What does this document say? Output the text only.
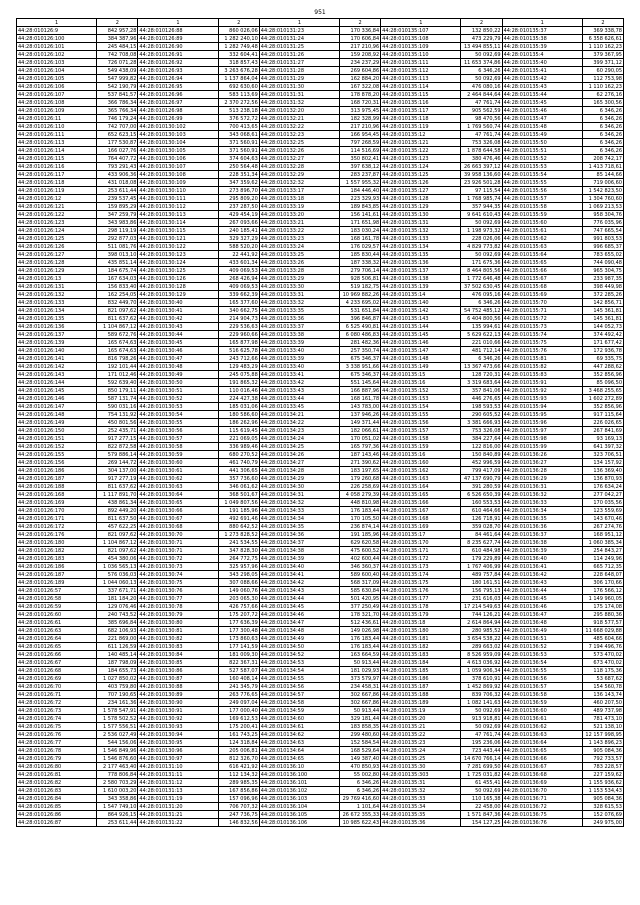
951
1	2	1	2	1	2	1	2	1	2
44:28:010126:9	842 957,28	44:28:010126:88	860 026,06	44:28:010131:23	170 336,84	44:28:010135:107	132 850,22	44:28:010135:37	369 338,78
44:28:010126:100	384 387,96	44:28:010126:89	1 282 240,10	44:28:010131:24	170 606,84	44:28:010135:108	473 229,79	44:28:010135:38	6 358 626,61
44:28:010126:101	245 484,15	44:28:010126:90	1 282 749,48	44:28:010131:25	217 210,96	44:28:010135:109	13 494 855,11	44:28:010135:39	1 110 162,23
44:28:010126:102	742 708,08	44:28:010126:91	332 604,41	44:28:010131:26	159 208,92	44:28:010135:110	50 092,69	44:28:010135:4	379 367,95
44:28:010126:103	726 071,28	44:28:010126:92	318 857,43	44:28:010131:27	234 237,29	44:28:010135:111	11 653 374,86	44:28:010135:40	399 371,12
44:28:010126:104	549 438,09	44:28:010126:93	3 263 676,28	44:28:010131:28	269 604,86	44:28:010135:112	6 346,26	44:28:010135:41	60 290,05
44:28:010126:105	547 999,82	44:28:010126:94	1 137 864,04	44:28:010131:29	162 884,20	44:28:010135:113	50 092,69	44:28:010135:42	112 753,98
44:28:010126:106	542 190,79	44:28:010126:95	692 630,60	44:28:010131:30	167 322,08	44:28:010135:114	476 080,16	44:28:010135:43	1 110 162,23
44:28:010126:107	537 841,57	44:28:010126:96	583 113,69	44:28:010131:31	178 878,20	44:28:010135:115	2 464 844,64	44:28:010135:44	62 276,16
44:28:010126:108	366 786,34	44:28:010126:97	2 370 272,56	44:28:010131:32	168 720,31	44:28:010135:116	47 761,74	44:28:010135:45	165 300,56
44:28:010126:109	365 766,34	44:28:010126:98	513 238,18	44:28:010132:20	313 975,45	44:28:010135:117	905 562,59	44:28:010135:46	6 346,26
44:28:010126:11	746 179,24	44:28:010126:99	376 572,72	44:28:010132:21	182 328,99	44:28:010135:118	98 470,56	44:28:010135:47	6 346,26
44:28:010126:110	742 707,00	44:28:010130:102	700 413,65	44:28:010132:22	217 210,96	44:28:010135:119	1 769 560,74	44:28:010135:48	6 346,26
44:28:010126:111	652 623,15	44:28:010130:103	343 068,61	44:28:010132:23	166 954,45	44:28:010135:12	47 761,74	44:28:010135:49	6 346,26
44:28:010126:113	177 530,87	44:28:010130:104	371 560,91	44:28:010132:25	797 268,59	44:28:010135:121	753 326,08	44:28:010135:50	6 346,26
44:28:010126:114	166 027,76	44:28:010130:105	371 560,91	44:28:010132:26	114 516,69	44:28:010135:122	1 878 644,58	44:28:010135:51	6 346,26
44:28:010126:115	764 407,72	44:28:010130:106	374 604,63	44:28:010132:27	350 802,41	44:28:010135:123	380 476,46	44:28:010135:52	208 742,17
44:28:010126:116	793 291,43	44:28:010130:107	250 564,48	44:28:010132:28	397 638,12	44:28:010135:124	26 663 397,12	44:28:010135:53	1 413 718,61
44:28:010126:117	433 906,36	44:28:010130:108	228 351,34	44:28:010132:29	283 237,87	44:28:010135:125	39 958 136,60	44:28:010135:54	85 144,66
44:28:010126:118	431 018,08	44:28:010130:109	347 359,62	44:28:010132:32	1 557 955,32	44:28:010135:126	23 926 501,28	44:28:010135:55	719 006,60
44:28:010126:119	253 611,44	44:28:010130:110	273 896,70	44:28:010133:17	184 446,40	44:28:010135:127	97 115,54	44:28:010135:56	1 542 823,50
44:28:010126:12	239 537,45	44:28:010130:111	295 809,20	44:28:010133:18	223 329,93	44:28:010135:128	1 768 985,74	44:28:010135:57	1 304 760,60
44:28:010126:121	159 895,29	44:28:010130:112	237 287,50	44:28:010133:19	189 843,85	44:28:010135:129	357 944,35	44:28:010135:58	1 069 213,53
44:28:010126:122	347 259,79	44:28:010130:113	429 454,19	44:28:010133:20	156 141,61	44:28:010135:130	9 641 610,43	44:28:010135:59	958 304,76
44:28:010126:123	343 983,86	44:28:010130:114	267 093,66	44:28:010133:21	171 651,98	44:28:010135:131	50 092,69	44:28:010135:60	776 035,96
44:28:010126:124	298 119,19	44:28:010130:115	240 185,41	44:28:010133:22	183 030,24	44:28:010135:132	1 198 973,32	44:28:010135:61	747 665,54
44:28:010126:125	292 877,03	44:28:010130:121	329 327,29	44:28:010133:23	168 161,78	44:28:010135:133	228 026,06	44:28:010135:62	991 803,53
44:28:010126:126	511 081,76	44:28:010130:122	588 520,20	44:28:010133:24	176 029,57	44:28:010135:134	4 829 773,82	44:28:010135:63	996 685,37
44:28:010126:127	398 013,10	44:28:010130:123	22 441,92	44:28:010133:25	185 830,44	44:28:010135:135	50 092,69	44:28:010135:64	783 655,02
44:28:010126:128	435 851,14	44:28:010130:124	433 601,34	44:28:010133:26	187 338,32	44:28:010135:136	171 675,36	44:28:010135:65	744 090,48
44:28:010126:129	184 675,74	44:28:010130:125	409 069,53	44:28:010133:28	279 706,14	44:28:010135:137	8 464 805,56	44:28:010135:66	965 304,75
44:28:010126:13	167 634,03	44:28:010130:126	268 426,94	44:28:010133:29	928 506,81	44:28:010135:138	1 772 646,48	44:28:010135:67	233 987,35
44:28:010126:131	156 833,40	44:28:010130:128	409 069,53	44:28:010133:30	519 182,75	44:28:010135:139	37 502 630,45	44:28:010135:68	398 449,98
44:28:010126:132	162 254,05	44:28:010130:129	339 662,39	44:28:010133:31	10 969 882,26	44:28:010135:14	476 095,16	44:28:010135:69	372 285,26
44:28:010126:133	832 449,70	44:28:010130:40	165 377,60	44:28:010133:32	4 233 695,02	44:28:010135:140	6 346,26	44:28:010135:70	142 856,71
44:28:010126:134	821 097,62	44:28:010130:41	340 662,75	44:28:010133:35	531 651,84	44:28:010135:142	54 752 485,12	44:28:010135:71	145 361,81
44:28:010126:135	811 637,62	44:28:010130:42	214 904,73	44:28:010133:36	396 846,87	44:28:010135:143	6 404 800,56	44:28:010135:72	145 361,81
44:28:010126:136	1 104 867,12	44:28:010130:43	229 536,63	44:28:010133:37	6 525 490,81	44:28:010135:144	135 994,61	44:28:010135:73	144 052,73
44:28:010126:137	589 672,76	44:28:010130:44	229 960,66	44:28:010133:38	6 080 486,83	44:28:010135:145	5 629 622,13	44:28:010135:74	374 492,42
44:28:010126:139	165 674,63	44:28:010130:45	165 877,98	44:28:010133:39	281 482,36	44:28:010135:146	221 010,66	44:28:010135:75	171 677,42
44:28:010126:140	165 674,63	44:28:010130:46	516 625,78	44:28:010133:40	257 350,74	44:28:010135:147	481 712,14	44:28:010135:76	172 936,78
44:28:010126:141	816 798,26	44:28:010130:47	243 712,66	44:28:010133:39	675 346,37	44:28:010135:148	6 346,26	44:28:010135:81	69 335,75
44:28:010126:142	192 101,44	44:28:010130:48	129 483,29	44:28:010133:40	3 338 951,66	44:28:010135:149	13 367 473,66	44:28:010135:82	447 288,62
44:28:010126:143	171 012,46	44:28:010130:49	245 075,88	44:28:010133:41	675 346,37	44:28:010135:15	128 720,31	44:28:010135:83	352 856,96
44:28:010126:144	592 639,40	44:28:010130:50	191 865,32	44:28:010133:42	551 145,64	44:28:010135:16	3 319 683,64	44:28:010135:91	85 096,50
44:28:010126:145	850 179,11	44:28:010130:51	110 016,46	44:28:010133:43	166 887,96	44:28:010135:152	357 841,06	44:28:010135:92	3 468 255,65
44:28:010126:146	587 131,74	44:28:010130:52	224 427,38	44:28:010133:44	168 161,78	44:28:010135:153	446 276,65	44:28:010135:93	1 602 272,89
44:28:010126:147	590 031,16	44:28:010130:53	185 031,06	44:28:010133:45	143 783,00	44:28:010135:154	198 593,53	44:28:010135:94	352 856,96
44:28:010126:148	754 131,92	44:28:010130:54	180 586,60	44:28:010134:21	137 946,26	44:28:010135:155	290 605,52	44:28:010135:95	917 115,64
44:28:010126:149	450 801,56	44:28:010130:55	186 262,96	44:28:010134:22	149 371,44	44:28:010135:156	3 381 666,93	44:28:010135:96	226 026,65
44:28:010126:150	252 435,71	44:28:010130:56	115 619,45	44:28:010134:23	182 066,61	44:28:010135:157	753 326,08	44:28:010135:97	267 841,69
44:28:010126:151	917 277,15	44:28:010130:57	221 069,05	44:28:010134:24	170 051,02	44:28:010135:158	384 227,64	44:28:010135:98	93 169,13
44:28:010126:152	822 872,58	44:28:010130:58	336 989,46	44:28:010134:25	165 797,36	44:28:010135:159	122 816,00	44:28:010135:99	641 397,32
44:28:010126:155	579 886,14	44:28:010130:59	680 270,52	44:28:010134:26	187 143,46	44:28:010135:16	150 840,89	44:28:010136:26	323 706,51
44:28:010126:156	269 144,72	44:28:010130:60	461 740,79	44:28:010134:27	271 390,62	44:28:010135:160	452 996,59	44:28:010136:27	134 157,92
44:28:010126:186	304 137,00	44:28:010130:61	441 306,65	44:28:010134:28	183 197,65	44:28:010135:162	799 417,09	44:28:010136:28	136 369,40
44:28:010126:187	917 277,19	44:28:010130:62	357 736,60	44:28:010134:29	179 260,68	44:28:010135:163	47 137 690,79	44:28:010136:29	136 870,93
44:28:010126:188	811 637,62	44:28:010130:63	346 061,62	44:28:010134:30	226 258,69	44:28:010135:164	391 280,59	44:28:010136:31	176 634,24
44:28:010126:168	1 117 891,70	44:28:010130:64	368 501,67	44:28:010134:31	4 058 279,39	44:28:010135:165	6 526 650,39	44:28:010136:32	277 042,27
44:28:010126:169	438 861,34	44:28:010130:65	1 049 807,56	44:28:010134:32	448 810,98	44:28:010135:166	160 553,53	44:28:010136:33	170 035,56
44:28:010126:170	892 449,20	44:28:010130:66	191 185,96	44:28:010134:33	176 183,44	44:28:010135:167	610 464,66	44:28:010136:34	123 559,69
44:28:010126:171	811 637,50	44:28:010130:67	492 691,46	44:28:010134:34	170 105,50	44:28:010135:168	126 718,91	44:28:010136:35	143 670,46
44:28:010126:172	457 622,25	44:28:010130:68	880 642,52	44:28:010134:35	236 874,14	44:28:010135:169	359 028,70	44:28:010136:36	267 274,76
44:28:010126:176	821 097,62	44:28:010130:70	1 273 828,52	44:28:010134:36	191 185,96	44:28:010135:17	84 461,64	44:28:010136:37	168 951,12
44:28:010126:180	1 104 867,12	44:28:010130:71	241 534,55	44:28:010134:37	629 620,58	44:28:010135:170	8 235 627,74	44:28:010136:38	1 060 385,34
44:28:010126:182	821 097,62	44:28:010130:71	347 828,30	44:28:010134:38	475 600,52	44:28:010135:171	610 484,98	44:28:010136:39	254 843,27
44:28:010126:183	454 380,06	44:28:010130:72	264 772,75	44:28:010134:39	402 600,44	44:28:010135:172	179 229,89	44:28:010136:40	114 249,96
44:28:010126:186	1 036 565,13	44:28:010130:73	325 957,96	44:28:010134:40	346 360,37	44:28:010135:173	1 767 406,99	44:28:010136:41	665 712,35
44:28:010126:187	576 036,03	44:28:010130:74	343 298,05	44:28:010134:41	589 600,40	44:28:010135:174	489 757,84	44:28:010136:42	228 648,07
44:28:010126:189	1 044 060,13	44:28:010130:75	307 088,66	44:28:010134:42	568 317,09	44:28:010135:175	180 161,51	44:28:010136:43	306 170,66
44:28:010126:57	337 671,71	44:28:010130:76	149 060,76	44:28:010134:43	585 630,84	44:28:010135:176	156 795,13	44:28:010136:44	176 566,12
44:28:010126:58	181 184,20	44:28:010130:77	203 065,30	44:28:010134:44	501 420,95	44:28:010135:177	231 616,03	44:28:010136:45	1 149 960,05
44:28:010126:59	129 076,46	44:28:010130:78	426 757,66	44:28:010134:45	377 250,49	44:28:010135:178	17 214 549,63	44:28:010136:46	175 174,08
44:28:010126:60	240 743,52	44:28:010130:79	175 207,72	44:28:010134:46	178 321,70	44:28:010135:179	744 126,21	44:28:010136:47	295 880,36
44:28:010126:61	385 696,84	44:28:010130:80	177 636,39	44:28:010134:47	512 436,61	44:28:010135:18	2 614 864,94	44:28:010136:48	918 577,57
44:28:010126:63	682 106,93	44:28:010130:81	177 300,48	44:28:010134:48	149 026,98	44:28:010135:180	280 985,52	44:28:010136:49	11 668 029,88
44:28:010126:64	221 869,00	44:28:010130:82	173 860,63	44:28:010134:49	176 183,44	44:28:010135:181	3 654 538,22	44:28:010136:51	485 604,66
44:28:010126:65	611 126,59	44:28:010130:83	177 141,59	44:28:010134:50	176 183,44	44:28:010135:182	289 663,02	44:28:010136:52	7 194 496,76
44:28:010126:66	140 485,14	44:28:010130:84	181 009,30	44:28:010134:52	163 664,59	44:28:010135:183	8 526 959,09	44:28:010136:53	573 470,02
44:28:010126:67	187 798,09	44:28:010130:85	822 367,31	44:28:010134:53	50 913,44	44:28:010135:184	4 613 036,92	44:28:010136:54	673 470,02
44:28:010126:68	184 655,73	44:28:010130:86	527 587,07	44:28:010134:54	181 029,93	44:28:010135:185	1 059 906,34	44:28:010136:55	118 175,36
44:28:010126:69	1 027 850,02	44:28:010130:87	160 408,14	44:28:010134:55	373 579,97	44:28:010135:186	378 610,91	44:28:010136:56	53 687,62
44:28:010126:70	403 759,80	44:28:010130:88	241 345,79	44:28:010134:56	234 458,31	44:28:010135:187	1 452 869,92	44:28:010136:57	154 560,78
44:28:010126:71	707 190,65	44:28:010130:89	263 776,65	44:28:010134:57	302 667,86	44:28:010135:188	839 706,32	44:28:010136:58	136 143,74
44:28:010126:72	234 161,36	44:28:010130:90	249 097,04	44:28:010134:58	302 667,86	44:28:010135:189	1 082 141,63	44:28:010136:59	460 207,50
44:28:010126:73	1 578 547,91	44:28:010130:91	177 000,40	44:28:010134:59	50 913,44	44:28:010135:19	50 092,69	44:28:010136:60	489 737,98
44:28:010126:74	1 578 502,52	44:28:010130:92	169 612,53	44:28:010134:60	329 181,44	44:28:010135:20	913 918,81	44:28:010136:61	781 473,10
44:28:010126:75	1 577 556,51	44:28:010130:93	175 200,41	44:28:010134:61	183 858,35	44:28:010135:21	50 092,69	44:28:010136:62	521 138,10
44:28:010126:76	2 536 027,49	44:28:010130:94	161 743,25	44:28:010134:62	299 480,60	44:28:010135:22	47 761,74	44:28:010136:63	12 157 998,95
44:28:010126:77	544 156,06	44:28:010130:95	124 318,84	44:28:010134:63	152 584,54	44:28:010135:23	195 236,06	44:28:010136:64	1 143 896,23
44:28:010126:78	1 546 849,96	44:28:010130:96	205 006,81	44:28:010134:64	168 529,64	44:28:010135:24	723 443,44	44:28:010136:65	905 084,36
44:28:010126:79	1 546 876,60	44:28:010130:97	812 326,70	44:28:010134:65	149 387,40	44:28:010135:25	14 670 766,14	44:28:010136:66	792 733,57
44:28:010126:80	2 177 463,40	44:28:010131:10	616 421,92	44:28:010136:10	470 850,93	44:28:010135:30	7 281 699,50	44:28:010136:67	783 228,57
44:28:010126:81	778 806,84	44:28:010131:11	112 134,32	44:28:010136:100	55 002,80	44:28:010135:303	1 725 031,82	44:28:010136:68	227 159,62
44:28:010126:82	2 580 703,29	44:28:010131:12	289 985,35	44:28:010136:101	6 346,26	44:28:010135:31	61 455,41	44:28:010136:69	1 155 936,62
44:28:010126:83	1 610 003,20	44:28:010131:13	167 856,86	44:28:010136:102	6 346,26	44:28:010135:32	50 092,69	44:28:010136:70	1 153 534,43
44:28:010126:84	343 358,86	44:28:010131:19	157 096,96	44:28:010136:103	29 769 416,60	44:28:010135:33	110 165,38	44:28:010136:71	905 084,36
44:28:010126:85	1 547 749,10	44:28:010131:20	706 707,32	44:28:010136:104	1 101,64	44:28:010135:34	22 458,00	44:28:010136:72	328 615,53
44:28:010126:86	864 926,15	44:28:010131:21	247 736,75	44:28:010136:105	26 672 355,33	44:28:010135:35	1 571 847,36	44:28:010136:75	152 076,69
44:28:010126:87	253 611,44	44:28:010131:22	146 832,56	44:28:010136:106	10 985 622,43	44:28:010135:36	154 127,25	44:28:010136:76	249 975,00
